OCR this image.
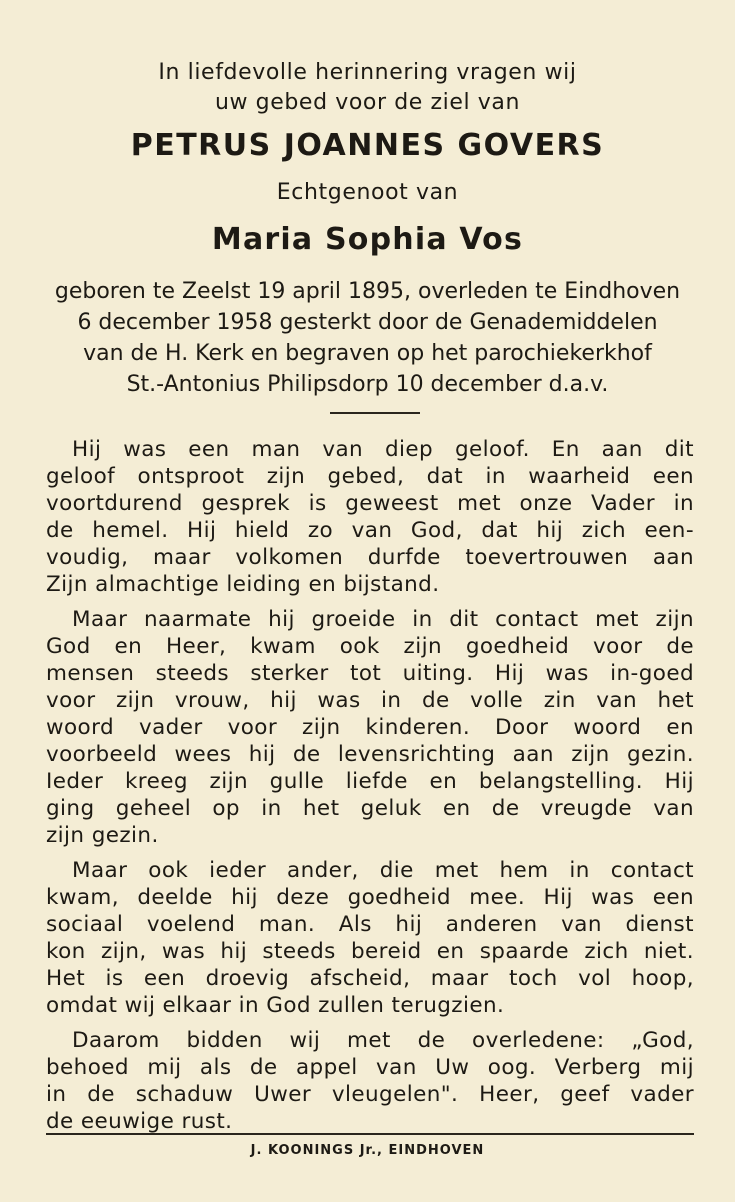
In liefdevolle herinnering vragen wij
uw gebed voor de ziel van
PETRUS JOANNES GOVERS
Echtgenoot van
Maria Sophia Vos
geboren te Zeelst 19 april 1895, overleden te Eindhoven
6 december 1958 gesterkt door de Genademiddelen
van de H. Kerk en begraven op het parochiekerkhof
St.-Antonius Philipsdorp 10 december d.a.v.
Hij was een man van diep geloof. En aan dit
geloof ontsproot zijn gebed, dat in waarheid een
voortdurend gesprek is geweest met onze Vader in
de hemel. Hij hield zo van God, dat hij zich een-
voudig, maar volkomen durfde toevertrouwen aan
Zijn almachtige leiding en bijstand.
Maar naarmate hij groeide in dit contact met zijn
God en Heer, kwam ook zijn goedheid voor de
mensen steeds sterker tot uiting. Hij was in-goed
voor zijn vrouw, hij was in de volle zin van het
woord vader voor zijn kinderen. Door woord en
voorbeeld wees hij de levensrichting aan zijn gezin.
Ieder kreeg zijn gulle liefde en belangstelling. Hij
ging geheel op in het geluk en de vreugde van
zijn gezin.
Maar ook ieder ander, die met hem in contact
kwam, deelde hij deze goedheid mee. Hij was een
sociaal voelend man. Als hij anderen van dienst
kon zijn, was hij steeds bereid en spaarde zich niet.
Het is een droevig afscheid, maar toch vol hoop,
omdat wij elkaar in God zullen terugzien.
Daarom bidden wij met de overledene: „God,
behoed mij als de appel van Uw oog. Verberg mij
in de schaduw Uwer vleugelen". Heer, geef vader
de eeuwige rust.
J. KOONINGS Jr., EINDHOVEN
